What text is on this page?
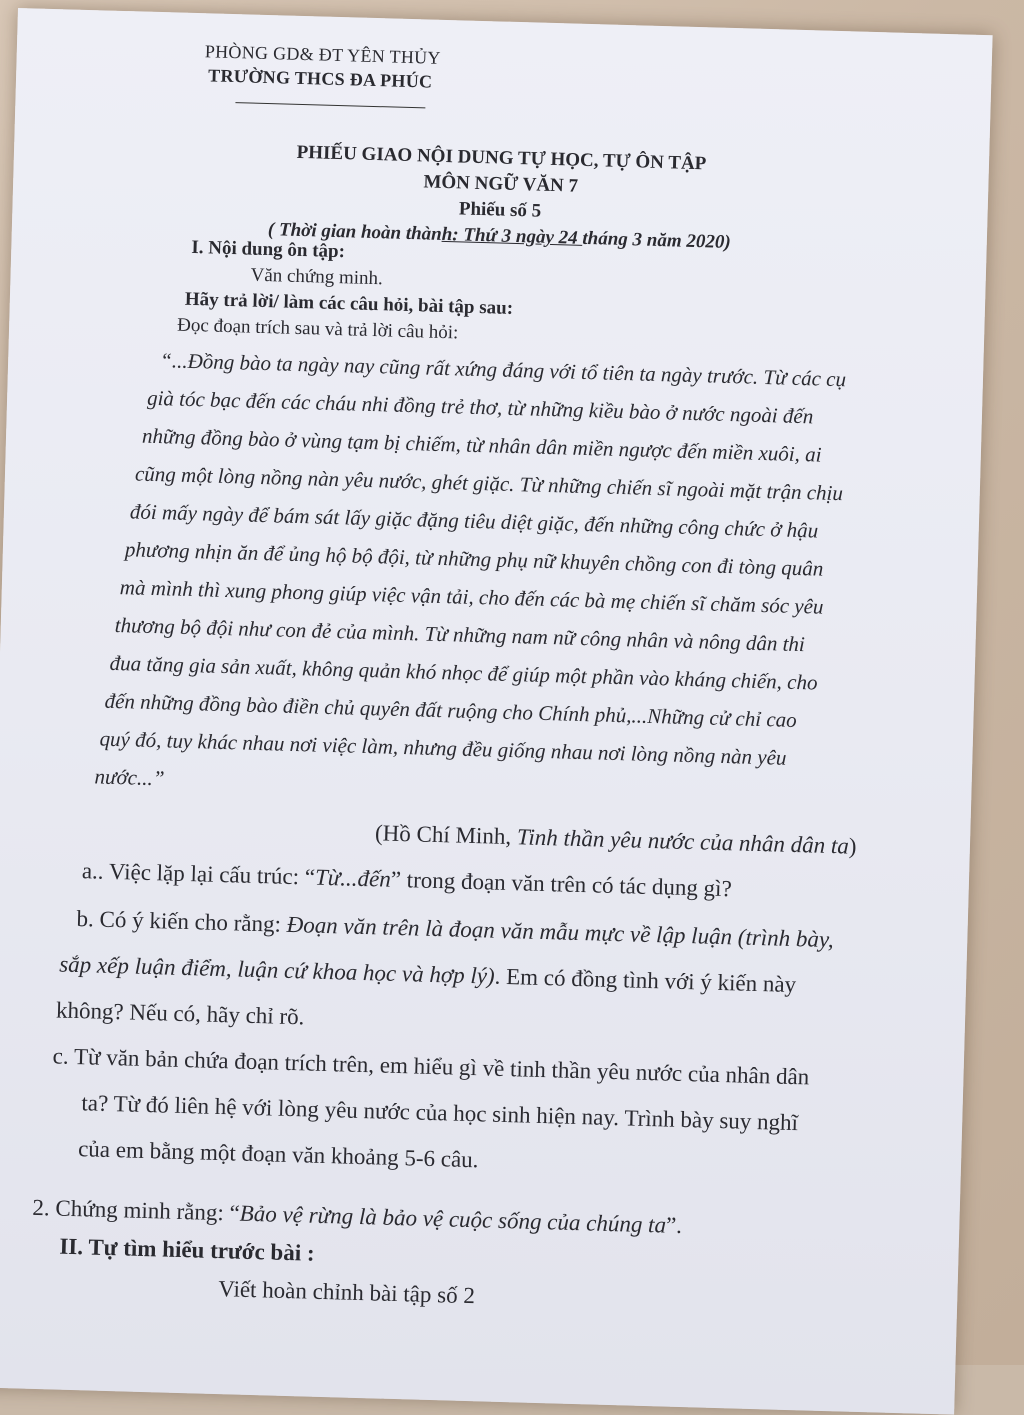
PHÒNG GD& ĐT YÊN THỦY
TRƯỜNG THCS ĐA PHÚC
PHIẾU GIAO NỘI DUNG TỰ HỌC, TỰ ÔN TẬP
MÔN NGỮ VĂN 7
Phiếu số 5
( Thời gian hoàn thành: Thứ 3 ngày 24 tháng 3 năm 2020)
I. Nội dung ôn tập:
Văn chứng minh.
Hãy trả lời/ làm các câu hỏi, bài tập sau:
Đọc đoạn trích sau và trả lời câu hỏi:
“...Đồng bào ta ngày nay cũng rất xứng đáng với tổ tiên ta ngày trước. Từ các cụ
già tóc bạc đến các cháu nhi đồng trẻ thơ, từ những kiều bào ở nước ngoài đến
những đồng bào ở vùng tạm bị chiếm, từ nhân dân miền ngược đến miền xuôi, ai
cũng một lòng nồng nàn yêu nước, ghét giặc. Từ những chiến sĩ ngoài mặt trận chịu
đói mấy ngày để bám sát lấy giặc đặng tiêu diệt giặc, đến những công chức ở hậu
phương nhịn ăn để ủng hộ bộ đội, từ những phụ nữ khuyên chồng con đi tòng quân
mà mình thì xung phong giúp việc vận tải, cho đến các bà mẹ chiến sĩ chăm sóc yêu
thương bộ đội như con đẻ của mình. Từ những nam nữ công nhân và nông dân thi
đua tăng gia sản xuất, không quản khó nhọc để giúp một phần vào kháng chiến, cho
đến những đồng bào điền chủ quyên đất ruộng cho Chính phủ,...Những cử chỉ cao
quý đó, tuy khác nhau nơi việc làm, nhưng đều giống nhau nơi lòng nồng nàn yêu
nước...”
(Hồ Chí Minh, Tinh thần yêu nước của nhân dân ta)
a.. Việc lặp lại cấu trúc: “Từ...đến” trong đoạn văn trên có tác dụng gì?
b. Có ý kiến cho rằng: Đoạn văn trên là đoạn văn mẫu mực về lập luận (trình bày,
sắp xếp luận điểm, luận cứ khoa học và hợp lý). Em có đồng tình với ý kiến này
không? Nếu có, hãy chỉ rõ.
c. Từ văn bản chứa đoạn trích trên, em hiểu gì về tinh thần yêu nước của nhân dân
ta? Từ đó liên hệ với lòng yêu nước của học sinh hiện nay. Trình bày suy nghĩ
của em bằng một đoạn văn khoảng 5-6 câu.
2. Chứng minh rằng: “Bảo vệ rừng là bảo vệ cuộc sống của chúng ta”.
II. Tự tìm hiểu trước bài :
Viết hoàn chỉnh bài tập số 2
